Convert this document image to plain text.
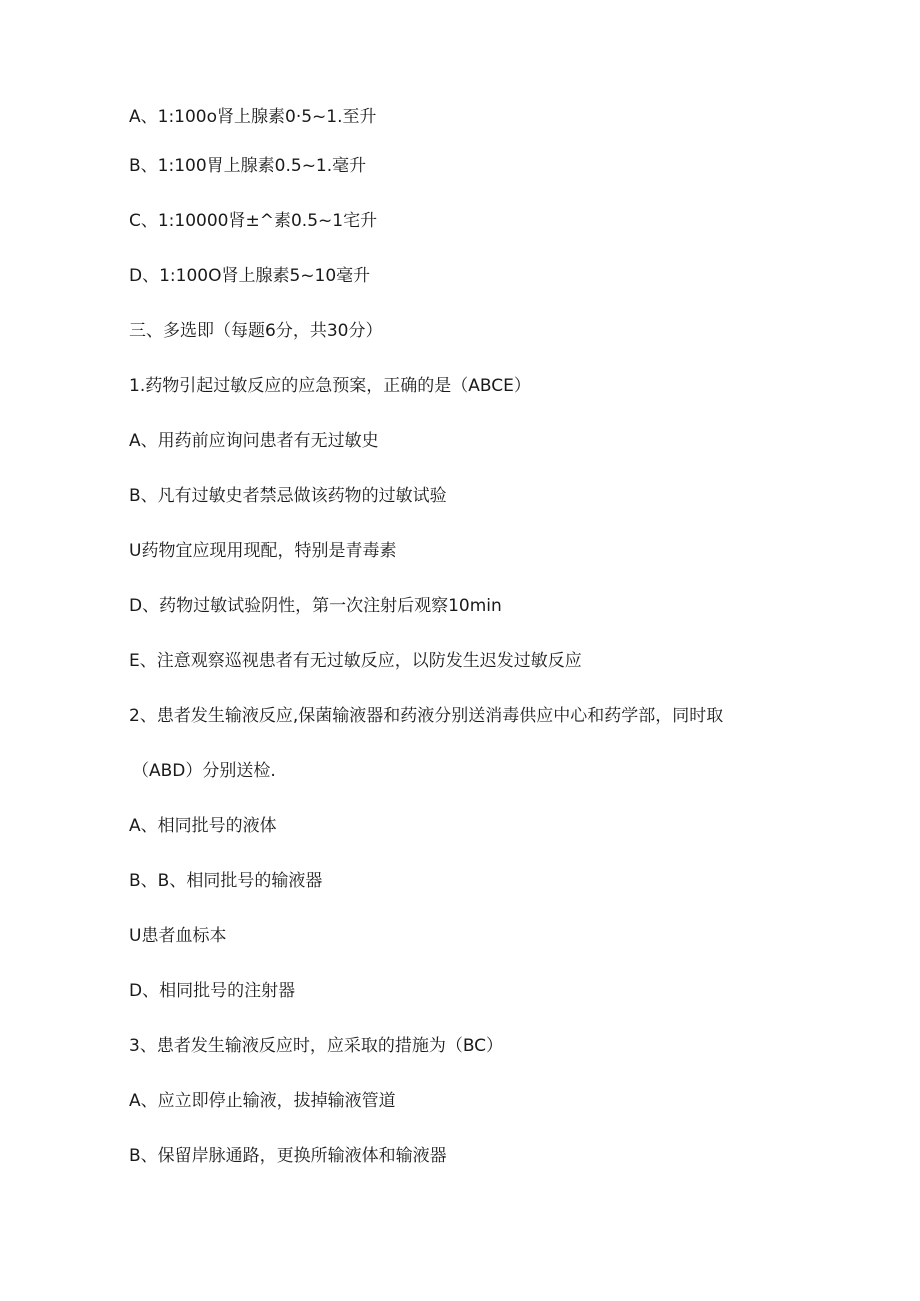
A、1:100o肾上腺素0·5~1.至升
B、1:100胃上腺素0.5~1.毫升
C、1:10000肾±^素0.5~1宅升
D、1:100O肾上腺素5~10毫升
三、多选即（每题6分，共30分）
1.药物引起过敏反应的应急预案，正确的是（ABCE）
A、用药前应询问患者有无过敏史
B、凡有过敏史者禁忌做该药物的过敏试验
U药物宜应现用现配，特别是青毒素
D、药物过敏试验阴性，第一次注射后观察10min
E、注意观察巡视患者有无过敏反应，以防发生迟发过敏反应
2、患者发生输液反应,保菌输液器和药液分别送消毒供应中心和药学部，同时取
（ABD）分别送检.
A、相同批号的液体
B、B、相同批号的输液器
U患者血标本
D、相同批号的注射器
3、患者发生输液反应时，应采取的措施为（BC）
A、应立即停止输液，拔掉输液管道
B、保留岸脉通路，更换所输液体和输液器
